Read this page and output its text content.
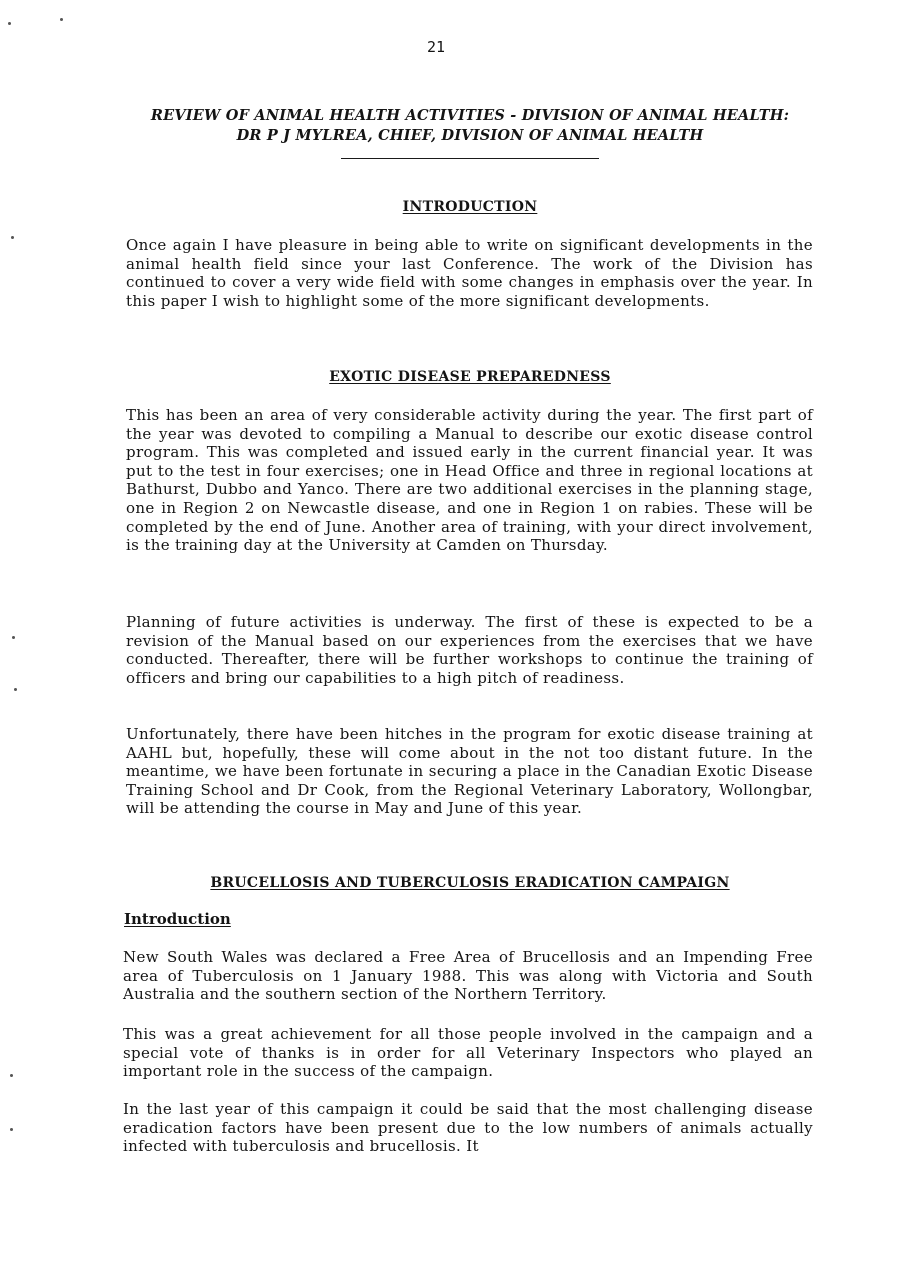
21
REVIEW OF ANIMAL HEALTH ACTIVITIES - DIVISION OF ANIMAL HEALTH:
DR P J MYLREA, CHIEF, DIVISION OF ANIMAL HEALTH
INTRODUCTION
Once again I have pleasure in being able to write on significant developments in the animal health field since your last Conference. The work of the Division has continued to cover a very wide field with some changes in emphasis over the year. In this paper I wish to highlight some of the more significant developments.
EXOTIC DISEASE PREPAREDNESS
This has been an area of very considerable activity during the year. The first part of the year was devoted to compiling a Manual to describe our exotic disease control program. This was completed and issued early in the current financial year. It was put to the test in four exercises; one in Head Office and three in regional locations at Bathurst, Dubbo and Yanco. There are two additional exercises in the planning stage, one in Region 2 on Newcastle disease, and one in Region 1 on rabies. These will be completed by the end of June. Another area of training, with your direct involvement, is the training day at the University at Camden on Thursday.
Planning of future activities is underway. The first of these is expected to be a revision of the Manual based on our experiences from the exercises that we have conducted. Thereafter, there will be further workshops to continue the training of officers and bring our capabilities to a high pitch of readiness.
Unfortunately, there have been hitches in the program for exotic disease training at AAHL but, hopefully, these will come about in the not too distant future. In the meantime, we have been fortunate in securing a place in the Canadian Exotic Disease Training School and Dr Cook, from the Regional Veterinary Laboratory, Wollongbar, will be attending the course in May and June of this year.
BRUCELLOSIS AND TUBERCULOSIS ERADICATION CAMPAIGN
Introduction
New South Wales was declared a Free Area of Brucellosis and an Impending Free area of Tuberculosis on 1 January 1988. This was along with Victoria and South Australia and the southern section of the Northern Territory.
This was a great achievement for all those people involved in the campaign and a special vote of thanks is in order for all Veterinary Inspectors who played an important role in the success of the campaign.
In the last year of this campaign it could be said that the most challenging disease eradication factors have been present due to the low numbers of animals actually infected with tuberculosis and brucellosis. It
